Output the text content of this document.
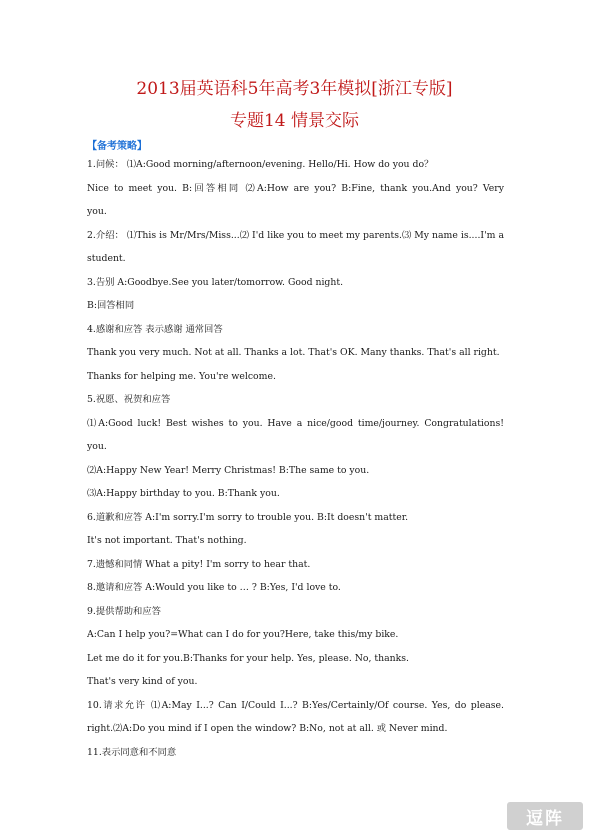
2013届英语科5年高考3年模拟[浙江专版]
专题14 情景交际
【备考策略】
1.问候： ⑴A:Good morning/afternoon/evening. Hello/Hi. How do you do？
Nice to meet you. B:回答相同 ⑵A:How are you? B:Fine, thank you.And you? Very
you.
2.介绍： ⑴This is Mr/Mrs/Miss...⑵ I'd like you to meet my parents.⑶ My name is....I'm a
student.
3.告别 A:Goodbye.See you later/tomorrow. Good night.
B:回答相同
4.感谢和应答 表示感谢 通常回答
Thank you very much. Not at all. Thanks a lot. That's OK. Many thanks. That's all right.
Thanks for helping me. You're welcome.
5.祝愿、祝贺和应答
⑴A:Good luck! Best wishes to you. Have a nice/good time/journey. Congratulations!
you.
⑵A:Happy New Year! Merry Christmas! B:The same to you.
⑶A:Happy birthday to you. B:Thank you.
6.道歉和应答 A:I'm sorry.I'm sorry to trouble you. B:It doesn't matter.
It's not important. That's nothing.
7.遗憾和同情 What a pity! I'm sorry to hear that.
8.邀请和应答 A:Would you like to … ? B:Yes, I'd love to.
9.提供帮助和应答
A:Can I help you?=What can I do for you?Here, take this/my bike.
Let me do it for you.B:Thanks for your help. Yes, please. No, thanks.
That's very kind of you.
10.请求允许 ⑴A:May I...? Can I/Could I...? B:Yes/Certainly/Of course. Yes, do please.
right.⑵A:Do you mind if I open the window? B:No, not at all. 或 Never mind.
11.表示同意和不同意
逗阵
